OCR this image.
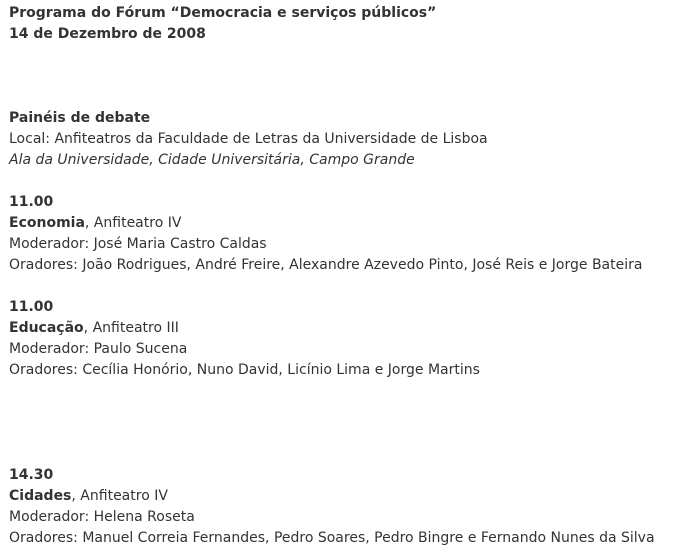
Programa do Fórum “Democracia e serviços públicos”

14 de Dezembro de 2008

Painéis de debate

Local: Anfiteatros da Faculdade de Letras da Universidade de Lisboa

Ala da Universidade, Cidade Universitária, Campo Grande

11.00

Economia, Anfiteatro IV

Moderador: José Maria Castro Caldas

Oradores: João Rodrigues, André Freire, Alexandre Azevedo Pinto, José Reis e Jorge Bateira

11.00

Educação, Anfiteatro III

Moderador: Paulo Sucena

Oradores: Cecília Honório, Nuno David, Licínio Lima e Jorge Martins

14.30

Cidades, Anfiteatro IV

Moderador: Helena Roseta

Oradores: Manuel Correia Fernandes, Pedro Soares, Pedro Bingre e Fernando Nunes da Silva
